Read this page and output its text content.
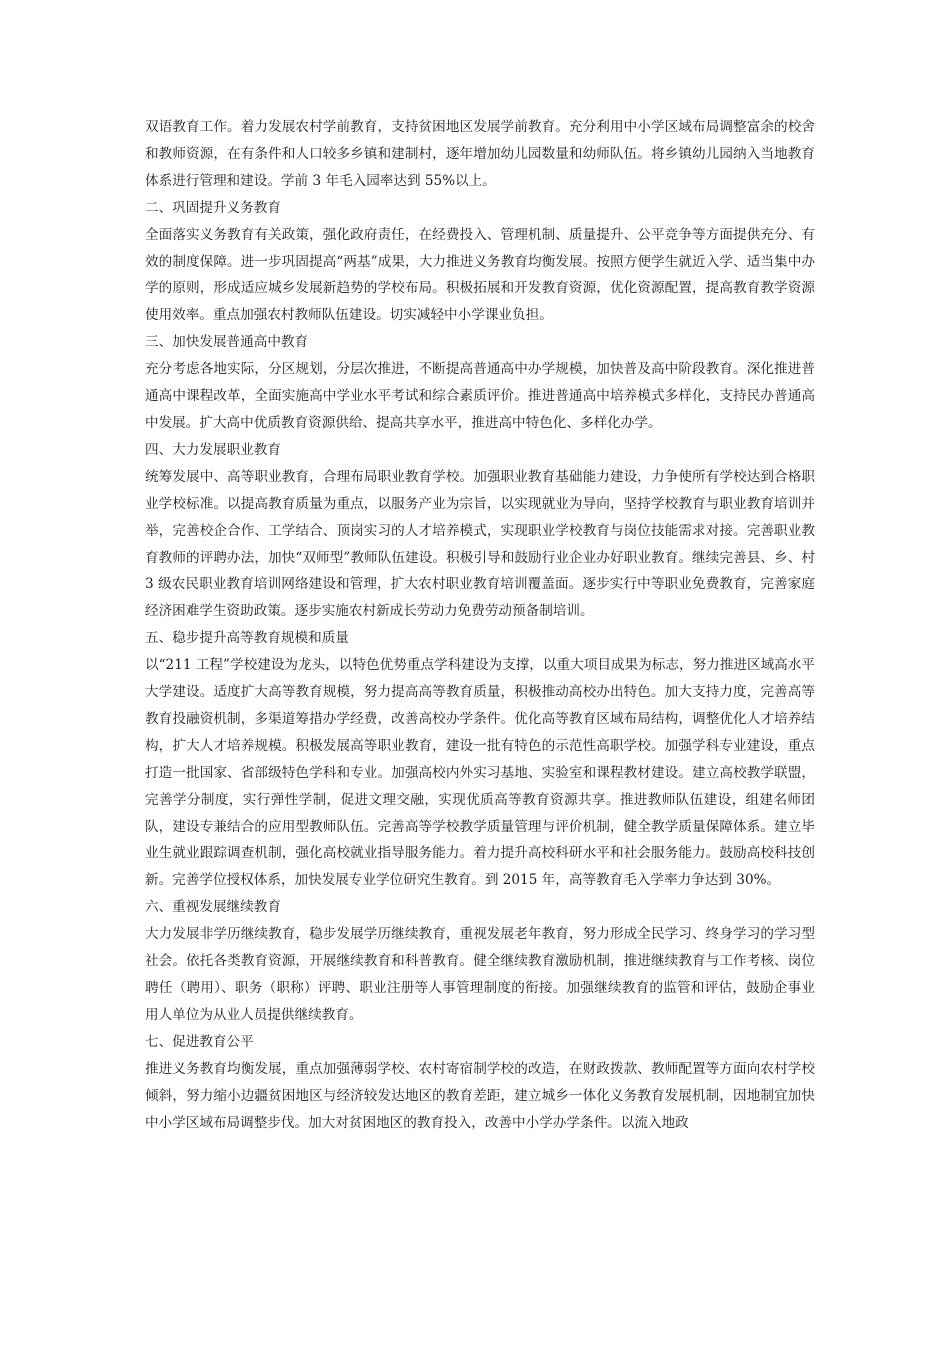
双语教育工作。着力发展农村学前教育，支持贫困地区发展学前教育。充分利用中小学区域布局调整富余的校舍和教师资源，在有条件和人口较多乡镇和建制村，逐年增加幼儿园数量和幼师队伍。将乡镇幼儿园纳入当地教育体系进行管理和建设。学前 3 年毛入园率达到 55%以上。

二、巩固提升义务教育

全面落实义务教育有关政策，强化政府责任，在经费投入、管理机制、质量提升、公平竞争等方面提供充分、有效的制度保障。进一步巩固提高“两基”成果，大力推进义务教育均衡发展。按照方便学生就近入学、适当集中办学的原则，形成适应城乡发展新趋势的学校布局。积极拓展和开发教育资源，优化资源配置，提高教育教学资源使用效率。重点加强农村教师队伍建设。切实减轻中小学课业负担。

三、加快发展普通高中教育

充分考虑各地实际，分区规划，分层次推进，不断提高普通高中办学规模，加快普及高中阶段教育。深化推进普通高中课程改革，全面实施高中学业水平考试和综合素质评价。推进普通高中培养模式多样化，支持民办普通高中发展。扩大高中优质教育资源供给、提高共享水平，推进高中特色化、多样化办学。

四、大力发展职业教育

统筹发展中、高等职业教育，合理布局职业教育学校。加强职业教育基础能力建设，力争使所有学校达到合格职业学校标准。以提高教育质量为重点，以服务产业为宗旨，以实现就业为导向，坚持学校教育与职业教育培训并举，完善校企合作、工学结合、顶岗实习的人才培养模式，实现职业学校教育与岗位技能需求对接。完善职业教育教师的评聘办法，加快“双师型”教师队伍建设。积极引导和鼓励行业企业办好职业教育。继续完善县、乡、村 3 级农民职业教育培训网络建设和管理，扩大农村职业教育培训覆盖面。逐步实行中等职业免费教育，完善家庭经济困难学生资助政策。逐步实施农村新成长劳动力免费劳动预备制培训。

五、稳步提升高等教育规模和质量

以“211 工程”学校建设为龙头，以特色优势重点学科建设为支撑，以重大项目成果为标志，努力推进区域高水平大学建设。适度扩大高等教育规模，努力提高高等教育质量，积极推动高校办出特色。加大支持力度，完善高等教育投融资机制，多渠道筹措办学经费，改善高校办学条件。优化高等教育区域布局结构，调整优化人才培养结构，扩大人才培养规模。积极发展高等职业教育，建设一批有特色的示范性高职学校。加强学科专业建设，重点打造一批国家、省部级特色学科和专业。加强高校内外实习基地、实验室和课程教材建设。建立高校教学联盟，完善学分制度，实行弹性学制，促进文理交融，实现优质高等教育资源共享。推进教师队伍建设，组建名师团队，建设专兼结合的应用型教师队伍。完善高等学校教学质量管理与评价机制，健全教学质量保障体系。建立毕业生就业跟踪调查机制，强化高校就业指导服务能力。着力提升高校科研水平和社会服务能力。鼓励高校科技创新。完善学位授权体系，加快发展专业学位研究生教育。到 2015 年，高等教育毛入学率力争达到 30%。

六、重视发展继续教育

大力发展非学历继续教育，稳步发展学历继续教育，重视发展老年教育，努力形成全民学习、终身学习的学习型社会。依托各类教育资源，开展继续教育和科普教育。健全继续教育激励机制，推进继续教育与工作考核、岗位聘任（聘用）、职务（职称）评聘、职业注册等人事管理制度的衔接。加强继续教育的监管和评估，鼓励企事业用人单位为从业人员提供继续教育。

七、促进教育公平

推进义务教育均衡发展，重点加强薄弱学校、农村寄宿制学校的改造，在财政拨款、教师配置等方面向农村学校倾斜，努力缩小边疆贫困地区与经济较发达地区的教育差距，建立城乡一体化义务教育发展机制，因地制宜加快中小学区域布局调整步伐。加大对贫困地区的教育投入，改善中小学办学条件。以流入地政
